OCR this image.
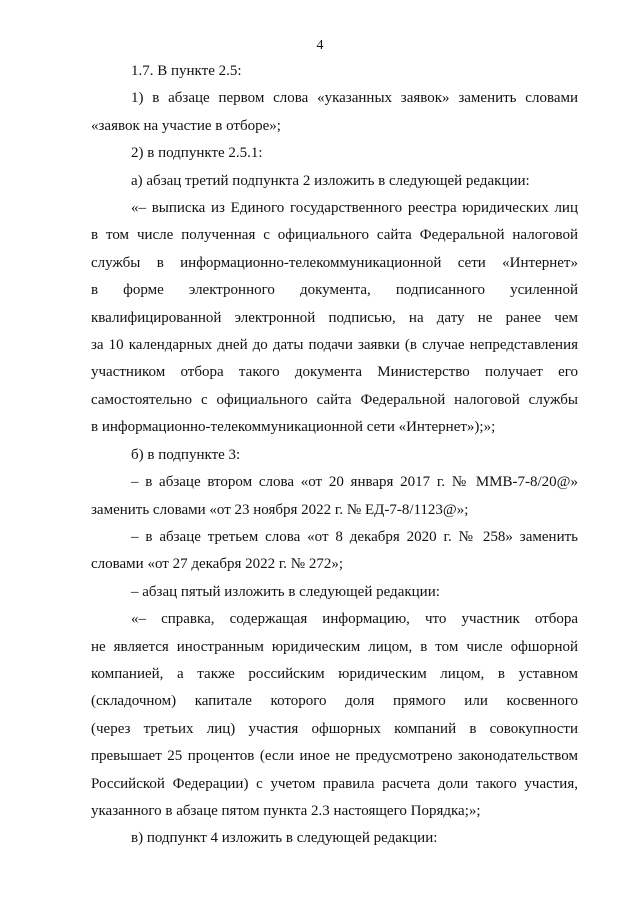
4

1.7. В пункте 2.5:

1) в абзаце первом слова «указанных заявок» заменить словами
«заявок на участие в отборе»;

2) в подпункте 2.5.1:

а) абзац третий подпункта 2 изложить в следующей редакции:

«– выписка из Единого государственного реестра юридических лиц
в том числе полученная с официального сайта Федеральной налоговой
службы в информационно-телекоммуникационной сети «Интернет»
в форме электронного документа, подписанного усиленной
квалифицированной электронной подписью, на дату не ранее чем
за 10 календарных дней до даты подачи заявки (в случае непредставления
участником отбора такого документа Министерство получает его
самостоятельно с официального сайта Федеральной налоговой службы
в информационно-телекоммуникационной сети «Интернет»);»;

б) в подпункте 3:

– в абзаце втором слова «от 20 января 2017 г. № ММВ-7-8/20@»
заменить словами «от 23 ноября 2022 г. № ЕД-7-8/1123@»;

– в абзаце третьем слова «от 8 декабря 2020 г. № 258» заменить
словами «от 27 декабря 2022 г. № 272»;

– абзац пятый изложить в следующей редакции:

«– справка, содержащая информацию, что участник отбора
не является иностранным юридическим лицом, в том числе офшорной
компанией, а также российским юридическим лицом, в уставном
(складочном) капитале которого доля прямого или косвенного
(через третьих лиц) участия офшорных компаний в совокупности
превышает 25 процентов (если иное не предусмотрено законодательством
Российской Федерации) с учетом правила расчета доли такого участия,
указанного в абзаце пятом пункта 2.3 настоящего Порядка;»;

в) подпункт 4 изложить в следующей редакции:
